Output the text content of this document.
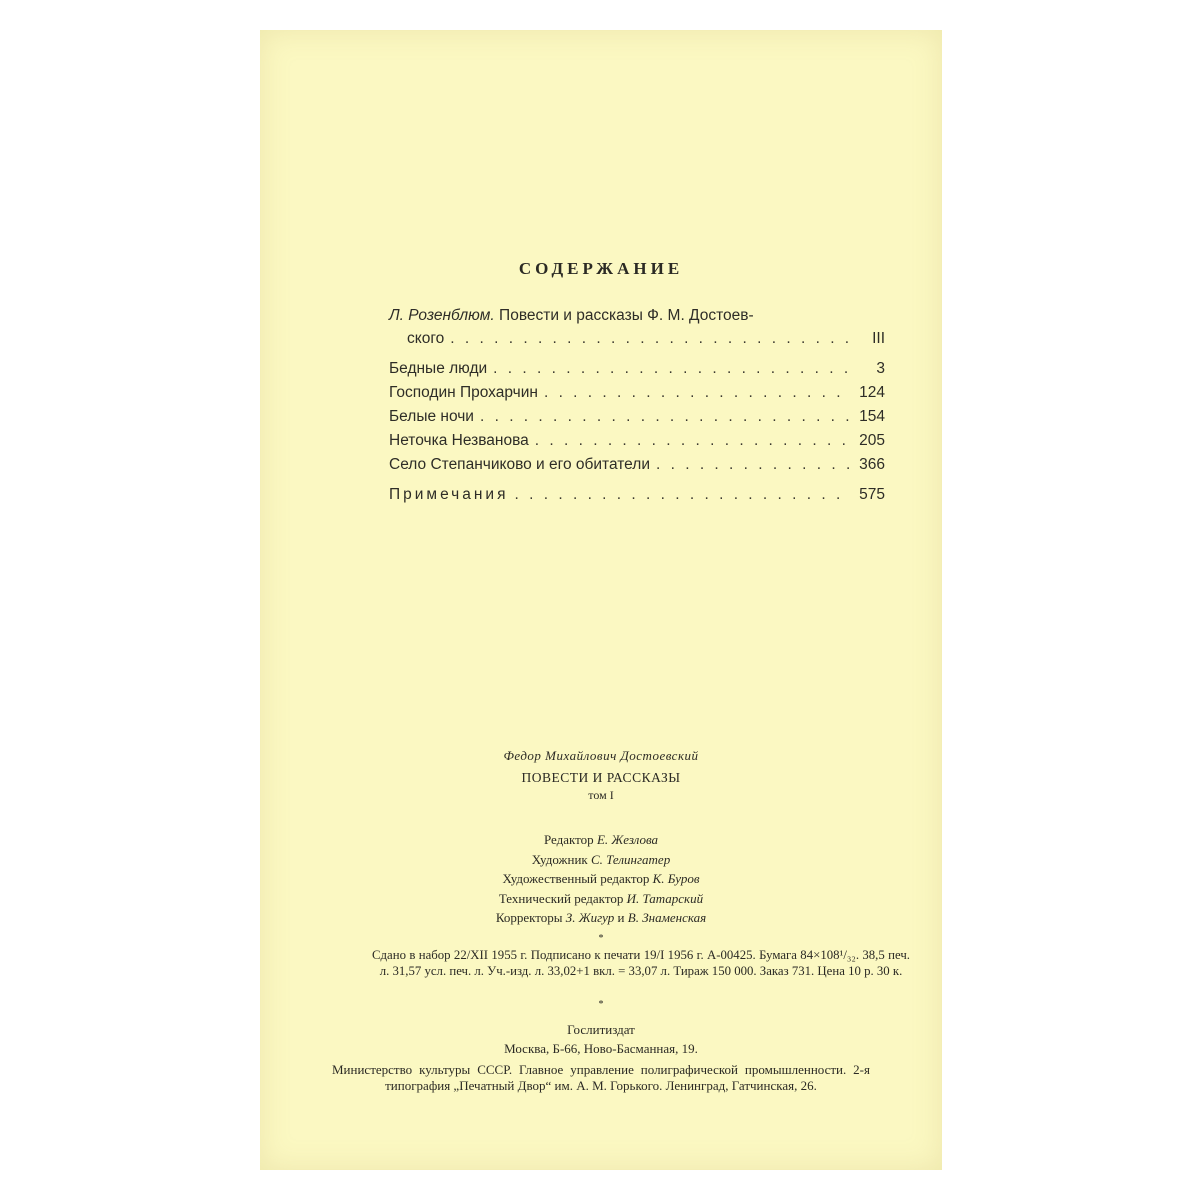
СОДЕРЖАНИЕ
Л. Розенблюм. Повести и рассказы Ф. М. Достоев-
ского . . .	III
Бедные люди . . .	3
Господин Прохарчин . . .	124
Белые ночи . . .	154
Неточка Незванова . . .	205
Село Степанчиково и его обитатели . . .	366
Примечания . . .	575
Федор Михайлович Достоевский
ПОВЕСТИ И РАССКАЗЫ
том I
Редактор Е. Жезлова
Художник С. Телингатер
Художественный редактор К. Буров
Технический редактор И. Татарский
Корректоры З. Жигур и В. Знаменская
*
Сдано в набор 22/XII 1955 г. Подписано к печати 19/I 1956 г. А-00425. Бумага 84×108¹/₃₂. 38,5 печ. л. 31,57 усл. печ. л. Уч.-изд. л. 33,02+1 вкл. = 33,07 л. Тираж 150 000. Заказ 731. Цена 10 р. 30 к.
*
Гослитиздат
Москва, Б-66, Ново-Басманная, 19.
Министерство культуры СССР. Главное управление полиграфической промышленности. 2-я типография „Печатный Двор“ им. А. М. Горького. Ленинград, Гатчинская, 26.
